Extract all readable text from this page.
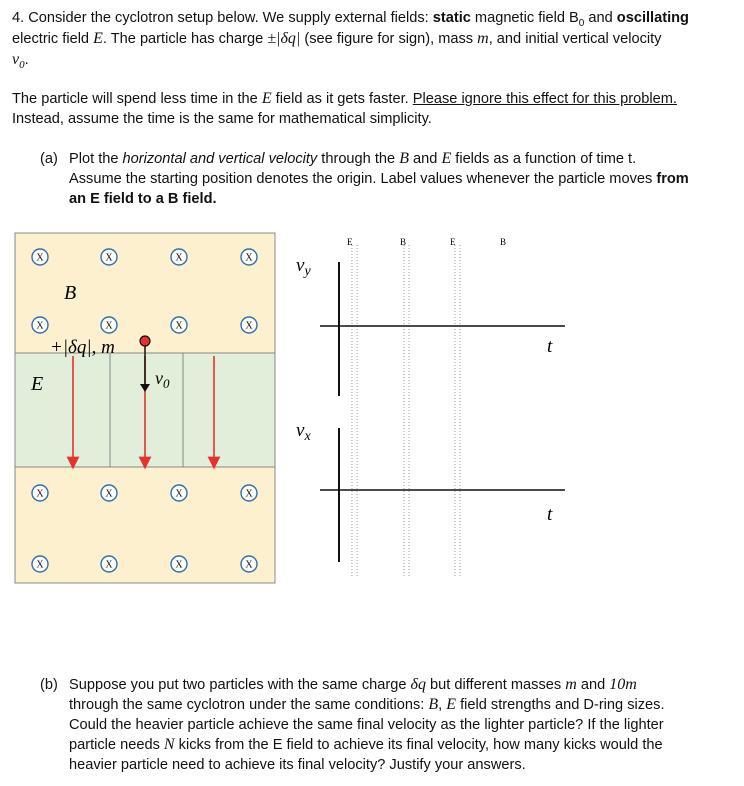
4. Consider the cyclotron setup below. We supply external fields: static magnetic field $B_0$ and oscillating
electric field E. The particle has charge ±|δq| (see figure for sign), mass m, and initial vertical velocity
$v_0$.
The particle will spend less time in the E field as it gets faster. Please ignore this effect for this problem.
Instead, assume the time is the same for mathematical simplicity.
(a) Plot the horizontal and vertical velocity through the B and E fields as a function of time t.
Assume the starting position denotes the origin. Label values whenever the particle moves from
an E field to a B field.
X	X	X	X
X	X	X	X
X	X	X	X
X	X	X	X
B
E
+|δq|, m
$v_0$
E	B	E	B
$v_y$
t
$v_x$
t
(b) Suppose you put two particles with the same charge δq but different masses m and 10m
through the same cyclotron under the same conditions: B, E field strengths and D-ring sizes.
Could the heavier particle achieve the same final velocity as the lighter particle? If the lighter
particle needs N kicks from the E field to achieve its final velocity, how many kicks would the
heavier particle need to achieve its final velocity? Justify your answers.
